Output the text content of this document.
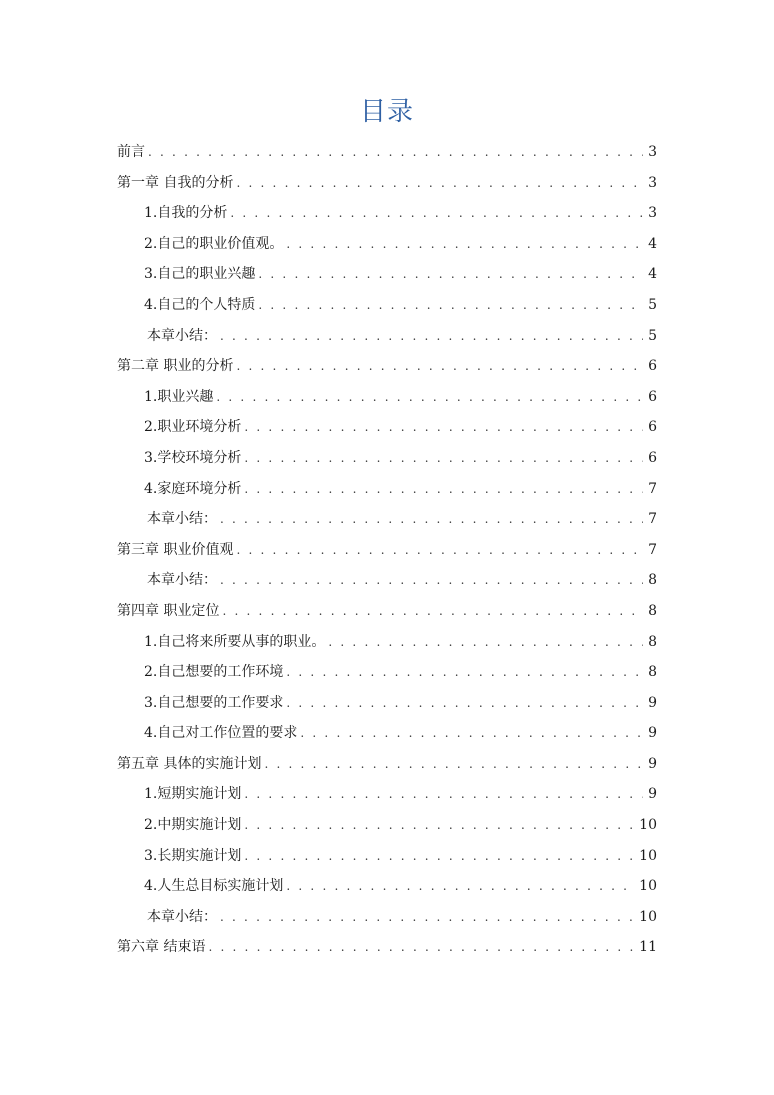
目录
前言 . . .	3
第一章 自我的分析 . . .	3
1.自我的分析 . . .	3
2.自己的职业价值观。 . . .	4
3.自己的职业兴趣 . . .	4
4.自己的个人特质 . . .	5
本章小结： . . .	5
第二章 职业的分析 . . .	6
1.职业兴趣 . . .	6
2.职业环境分析 . . .	6
3.学校环境分析 . . .	6
4.家庭环境分析 . . .	7
本章小结： . . .	7
第三章 职业价值观 . . .	7
本章小结： . . .	8
第四章 职业定位 . . .	8
1.自己将来所要从事的职业。 . . .	8
2.自己想要的工作环境 . . .	8
3.自己想要的工作要求 . . .	9
4.自己对工作位置的要求 . . .	9
第五章 具体的实施计划 . . .	9
1.短期实施计划 . . .	9
2.中期实施计划 . . .	10
3.长期实施计划 . . .	10
4.人生总目标实施计划 . . .	10
本章小结： . . .	10
第六章 结束语 . . .	11
